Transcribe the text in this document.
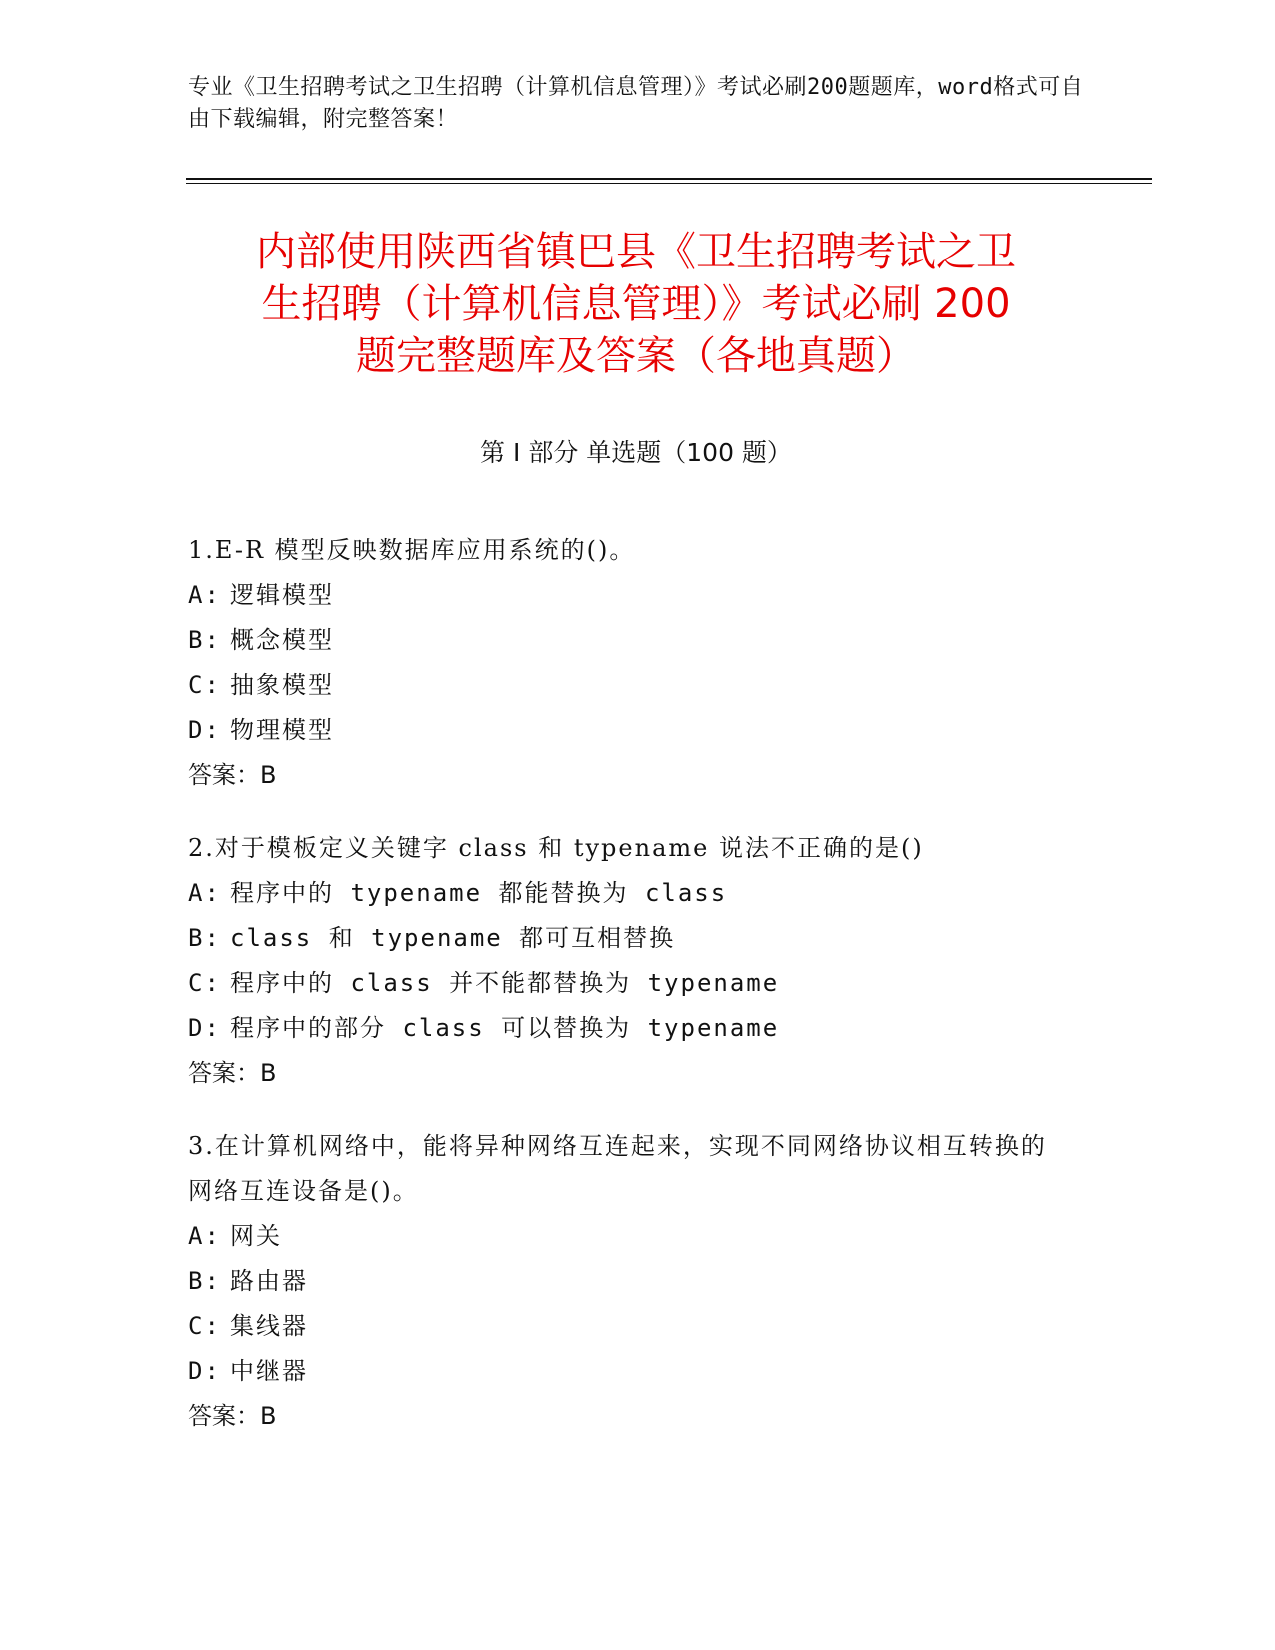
专业《卫生招聘考试之卫生招聘（计算机信息管理）》考试必刷200题题库，word格式可自由下载编辑，附完整答案！
内部使用陕西省镇巴县《卫生招聘考试之卫
生招聘（计算机信息管理）》考试必刷 200
题完整题库及答案（各地真题）
第 I 部分 单选题（100 题）
1.E-R 模型反映数据库应用系统的()。
A: 逻辑模型
B: 概念模型
C: 抽象模型
D: 物理模型
答案：B
2.对于模板定义关键字 class 和 typename 说法不正确的是()
A: 程序中的 typename 都能替换为 class
B: class 和 typename 都可互相替换
C: 程序中的 class 并不能都替换为 typename
D: 程序中的部分 class 可以替换为 typename
答案：B
3.在计算机网络中，能将异种网络互连起来，实现不同网络协议相互转换的网络互连设备是()。
A: 网关
B: 路由器
C: 集线器
D: 中继器
答案：B
